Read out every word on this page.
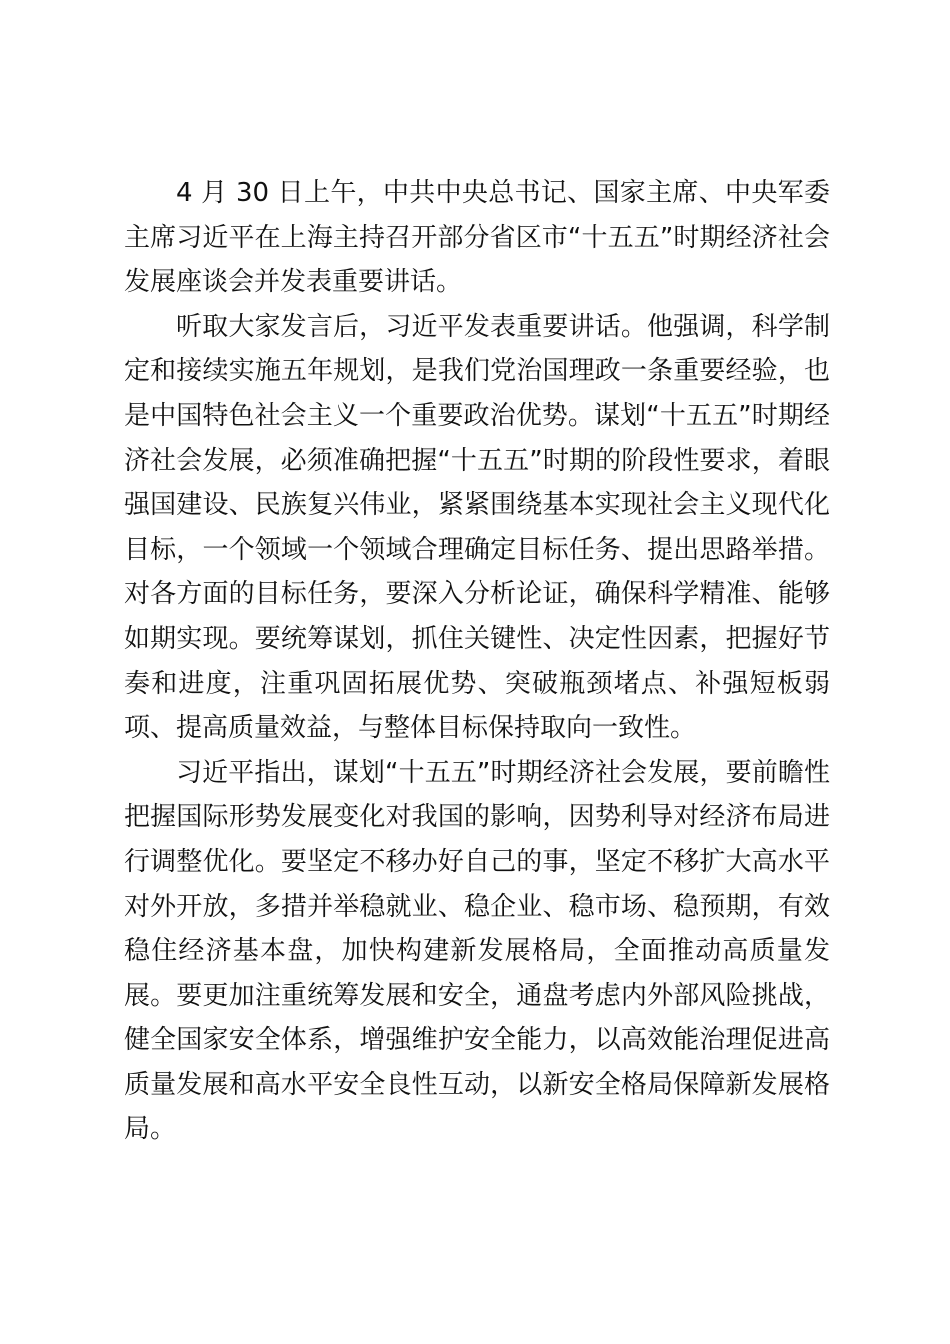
4 月 30 日上午，中共中央总书记、国家主席、中央军委主席习近平在上海主持召开部分省区市“十五五”时期经济社会发展座谈会并发表重要讲话。

听取大家发言后，习近平发表重要讲话。他强调，科学制定和接续实施五年规划，是我们党治国理政一条重要经验，也是中国特色社会主义一个重要政治优势。谋划“十五五”时期经济社会发展，必须准确把握“十五五”时期的阶段性要求，着眼强国建设、民族复兴伟业，紧紧围绕基本实现社会主义现代化目标，一个领域一个领域合理确定目标任务、提出思路举措。对各方面的目标任务，要深入分析论证，确保科学精准、能够如期实现。要统筹谋划，抓住关键性、决定性因素，把握好节奏和进度，注重巩固拓展优势、突破瓶颈堵点、补强短板弱项、提高质量效益，与整体目标保持取向一致性。

习近平指出，谋划“十五五”时期经济社会发展，要前瞻性把握国际形势发展变化对我国的影响，因势利导对经济布局进行调整优化。要坚定不移办好自己的事，坚定不移扩大高水平对外开放，多措并举稳就业、稳企业、稳市场、稳预期，有效稳住经济基本盘，加快构建新发展格局，全面推动高质量发展。要更加注重统筹发展和安全，通盘考虑内外部风险挑战，健全国家安全体系，增强维护安全能力，以高效能治理促进高质量发展和高水平安全良性互动，以新安全格局保障新发展格局。
